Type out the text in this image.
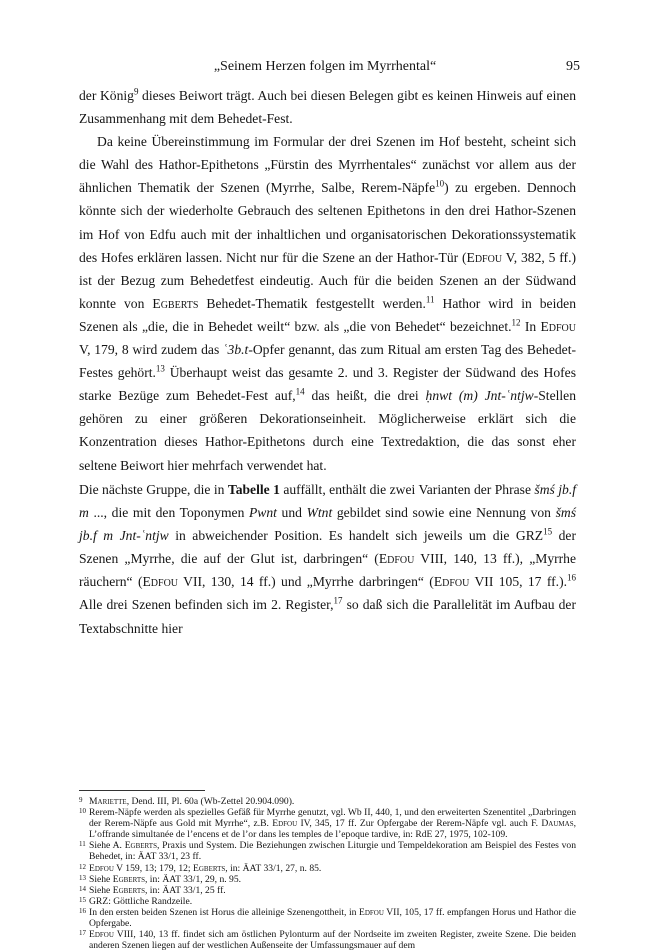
„Seinem Herzen folgen im Myrrhental“	95

der König$^9$ dieses Beiwort trägt. Auch bei diesen Belegen gibt es keinen Hinweis auf einen Zusammenhang mit dem Behedet-Fest.

Da keine Übereinstimmung im Formular der drei Szenen im Hof besteht, scheint sich die Wahl des Hathor-Epithetons „Fürstin des Myrrhentales“ zunächst vor allem aus der ähnlichen Thematik der Szenen (Myrrhe, Salbe, Rerem-Näpfe$^{10}$) zu ergeben. Dennoch könnte sich der wiederholte Gebrauch des seltenen Epithetons in den drei Hathor-Szenen im Hof von Edfu auch mit der inhaltlichen und organisatorischen Dekorationssystematik des Hofes erklären lassen. Nicht nur für die Szene an der Hathor-Tür (Edfou V, 382, 5 ff.) ist der Bezug zum Behedetfest eindeutig. Auch für die beiden Szenen an der Südwand konnte von Egberts Behedet-Thematik festgestellt werden.$^{11}$ Hathor wird in beiden Szenen als „die, die in Behedet weilt“ bzw. als „die von Behedet“ bezeichnet.$^{12}$ In Edfou V, 179, 8 wird zudem das ʿ3b.t-Opfer genannt, das zum Ritual am ersten Tag des Behedet-Festes gehört.$^{13}$ Überhaupt weist das gesamte 2. und 3. Register der Südwand des Hofes starke Bezüge zum Behedet-Fest auf,$^{14}$ das heißt, die drei ḥnwt (m) Jnt-ʿntjw-Stellen gehören zu einer größeren Dekorationseinheit. Möglicherweise erklärt sich die Konzentration dieses Hathor-Epithetons durch eine Textredaktion, die das sonst eher seltene Beiwort hier mehrfach verwendet hat.

Die nächste Gruppe, die in Tabelle 1 auffällt, enthält die zwei Varianten der Phrase šmś jb.f m ..., die mit den Toponymen Pwnt und Wtnt gebildet sind sowie eine Nennung von šmś jb.f m Jnt-ʿntjw in abweichender Position. Es handelt sich jeweils um die GRZ$^{15}$ der Szenen „Myrrhe, die auf der Glut ist, darbringen“ (Edfou VIII, 140, 13 ff.), „Myrrhe räuchern“ (Edfou VII, 130, 14 ff.) und „Myrrhe darbringen“ (Edfou VII 105, 17 ff.).$^{16}$ Alle drei Szenen befinden sich im 2. Register,$^{17}$ so daß sich die Parallelität im Aufbau der Textabschnitte hier

9 Mariette, Dend. III, Pl. 60a (Wb-Zettel 20.904.090).
10 Rerem-Näpfe werden als spezielles Gefäß für Myrrhe genutzt, vgl. Wb II, 440, 1, und den erweiterten Szenentitel „Darbringen der Rerem-Näpfe aus Gold mit Myrrhe“, z.B. Edfou IV, 345, 17 ff. Zur Opfergabe der Rerem-Näpfe vgl. auch F. Daumas, L’offrande simultanée de l’encens et de l’or dans les temples de l’epoque tardive, in: RdE 27, 1975, 102-109.
11 Siehe A. Egberts, Praxis und System. Die Beziehungen zwischen Liturgie und Tempeldekoration am Beispiel des Festes von Behedet, in: ÄAT 33/1, 23 ff.
12 Edfou V 159, 13; 179, 12; Egberts, in: ÄAT 33/1, 27, n. 85.
13 Siehe Egberts, in: ÄAT 33/1, 29, n. 95.
14 Siehe Egberts, in: ÄAT 33/1, 25 ff.
15 GRZ: Göttliche Randzeile.
16 In den ersten beiden Szenen ist Horus die alleinige Szenengottheit, in Edfou VII, 105, 17 ff. empfangen Horus und Hathor die Opfergabe.
17 Edfou VIII, 140, 13 ff. findet sich am östlichen Pylonturm auf der Nordseite im zweiten Register, zweite Szene. Die beiden anderen Szenen liegen auf der westlichen Außenseite der Umfassungsmauer auf dem
